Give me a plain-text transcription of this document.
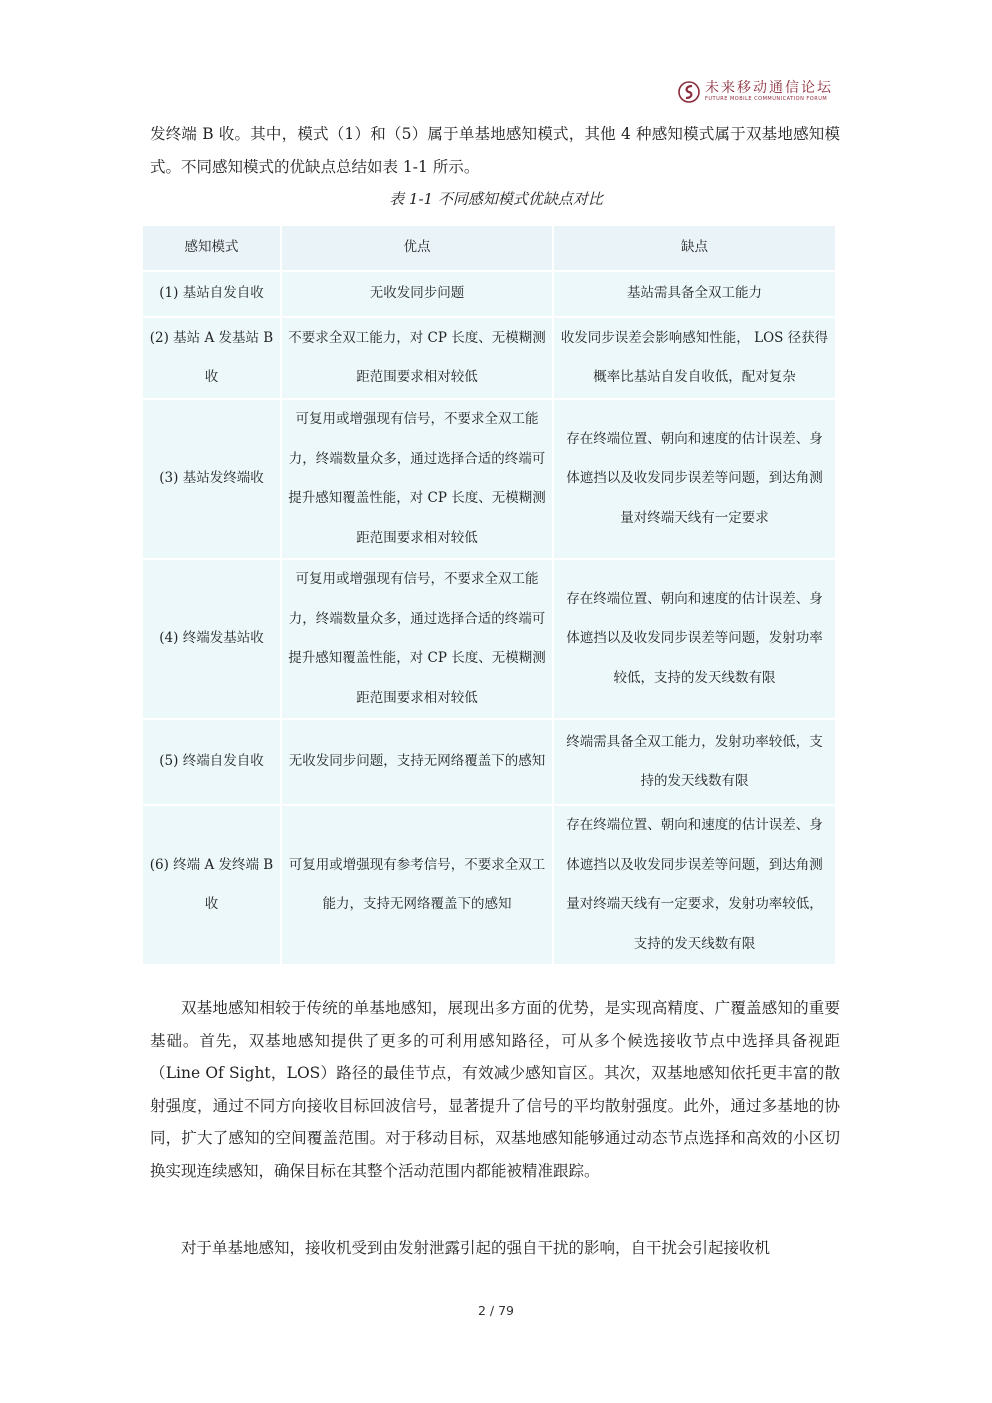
未来移动通信论坛
FUTURE MOBILE COMMUNICATION FORUM

发终端 B 收。其中，模式（1）和（5）属于单基地感知模式，其他 4 种感知模式属于双基地感知模式。不同感知模式的优缺点总结如表 1-1 所示。

表 1-1 不同感知模式优缺点对比
感知模式	优点	缺点
(1) 基站自发自收	无收发同步问题	基站需具备全双工能力
(2) 基站 A 发基站 B 收	不要求全双工能力，对 CP 长度、无模糊测距范围要求相对较低	收发同步误差会影响感知性能， LOS 径获得概率比基站自发自收低，配对复杂
(3) 基站发终端收	可复用或增强现有信号，不要求全双工能力，终端数量众多，通过选择合适的终端可提升感知覆盖性能，对 CP 长度、无模糊测距范围要求相对较低	存在终端位置、朝向和速度的估计误差、身体遮挡以及收发同步误差等问题，到达角测量对终端天线有一定要求
(4) 终端发基站收	可复用或增强现有信号，不要求全双工能力，终端数量众多，通过选择合适的终端可提升感知覆盖性能，对 CP 长度、无模糊测距范围要求相对较低	存在终端位置、朝向和速度的估计误差、身体遮挡以及收发同步误差等问题，发射功率较低，支持的发天线数有限
(5) 终端自发自收	无收发同步问题，支持无网络覆盖下的感知	终端需具备全双工能力，发射功率较低，支持的发天线数有限
(6) 终端 A 发终端 B 收	可复用或增强现有参考信号，不要求全双工能力，支持无网络覆盖下的感知	存在终端位置、朝向和速度的估计误差、身体遮挡以及收发同步误差等问题，到达角测量对终端天线有一定要求，发射功率较低，支持的发天线数有限

双基地感知相较于传统的单基地感知，展现出多方面的优势，是实现高精度、广覆盖感知的重要基础。首先，双基地感知提供了更多的可利用感知路径，可从多个候选接收节点中选择具备视距（Line Of Sight，LOS）路径的最佳节点，有效减少感知盲区。其次，双基地感知依托更丰富的散射强度，通过不同方向接收目标回波信号，显著提升了信号的平均散射强度。此外，通过多基地的协同，扩大了感知的空间覆盖范围。对于移动目标，双基地感知能够通过动态节点选择和高效的小区切换实现连续感知，确保目标在其整个活动范围内都能被精准跟踪。

对于单基地感知，接收机受到由发射泄露引起的强自干扰的影响，自干扰会引起接收机

2 / 79
